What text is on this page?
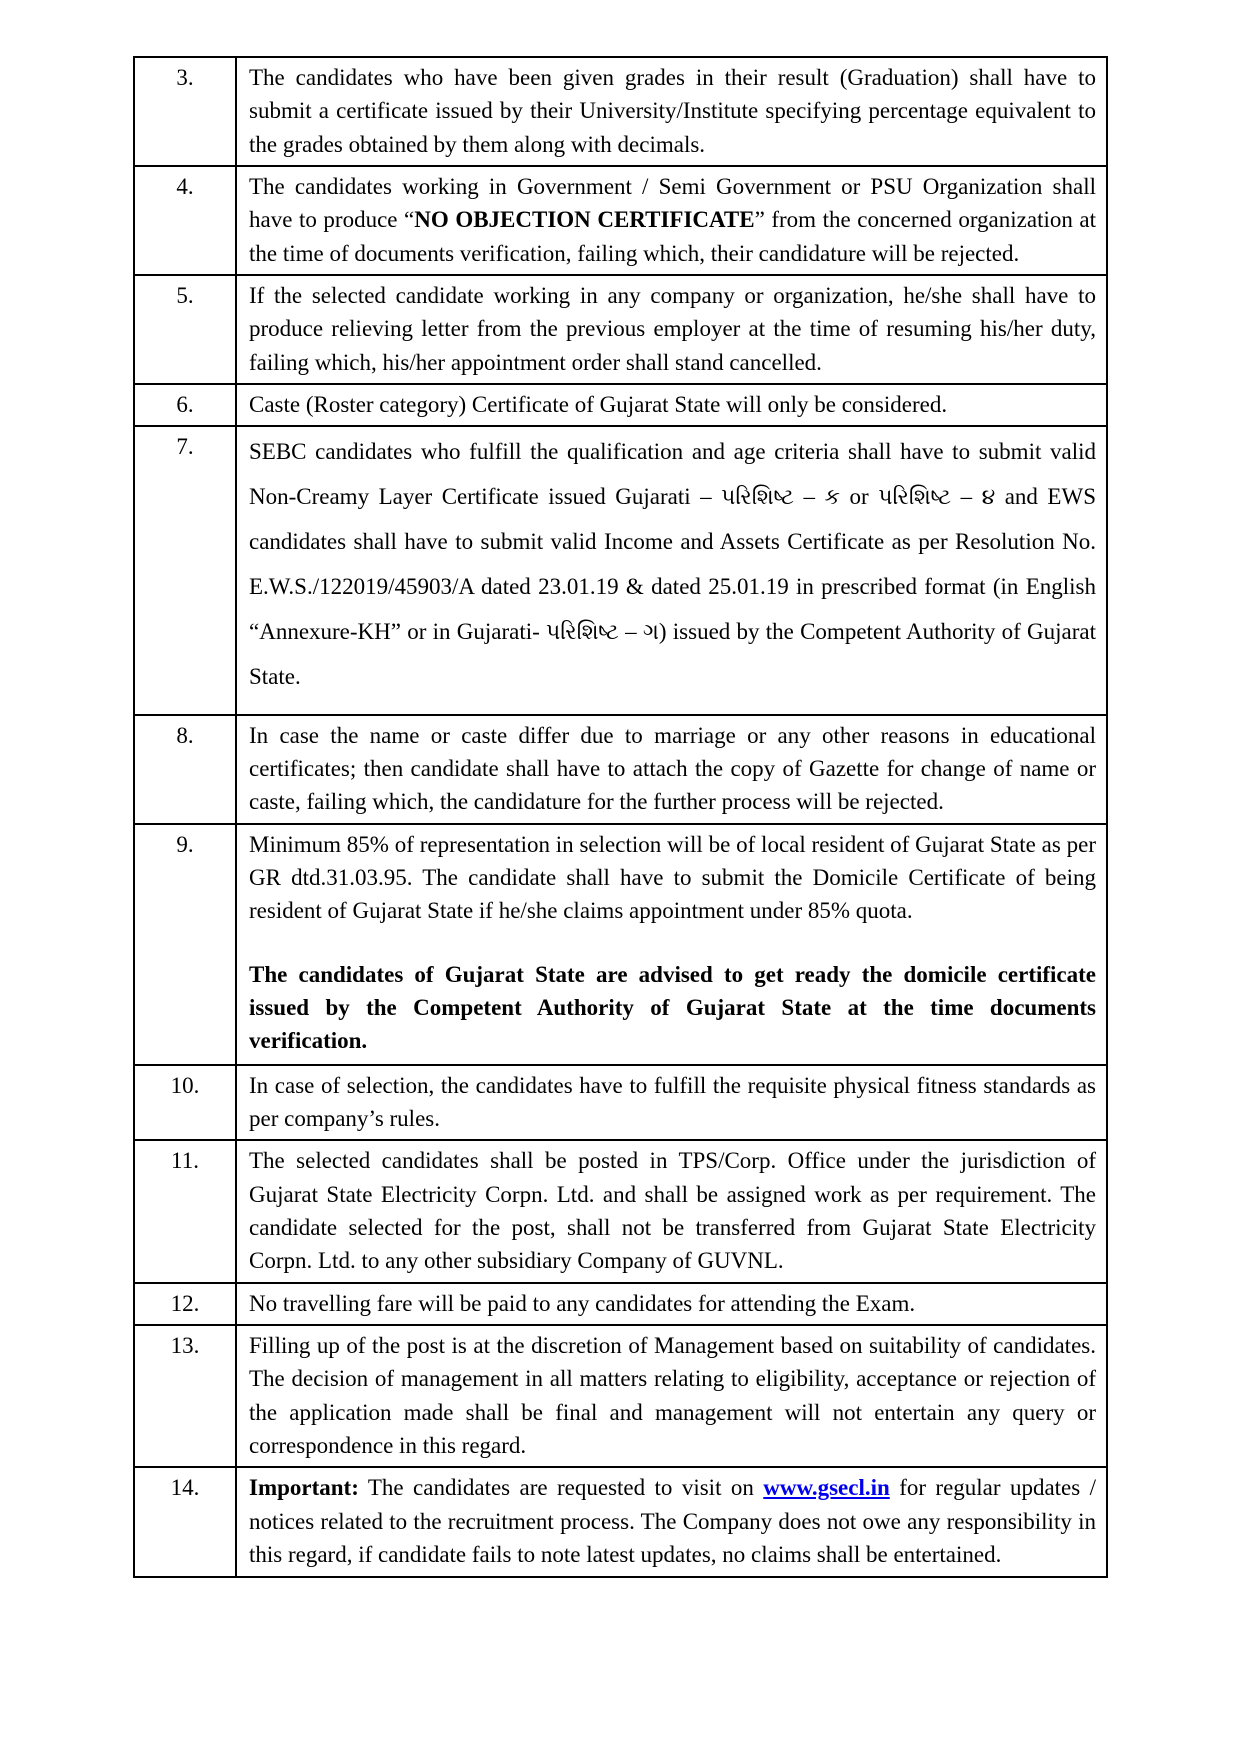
3.	The candidates who have been given grades in their result (Graduation) shall have to submit a certificate issued by their University/Institute specifying percentage equivalent to the grades obtained by them along with decimals.

4.	The candidates working in Government / Semi Government or PSU Organization shall have to produce “NO OBJECTION CERTIFICATE” from the concerned organization at the time of documents verification, failing which, their candidature will be rejected.

5.	If the selected candidate working in any company or organization, he/she shall have to produce relieving letter from the previous employer at the time of resuming his/her duty, failing which, his/her appointment order shall stand cancelled.

6.	Caste (Roster category) Certificate of Gujarat State will only be considered.

7.	SEBC candidates who fulfill the qualification and age criteria shall have to submit valid Non-Creamy Layer Certificate issued Gujarati – પરિશિષ્ટ – ક or પરિશિષ્ટ – ૪ and EWS candidates shall have to submit valid Income and Assets Certificate as per Resolution No. E.W.S./122019/45903/A dated 23.01.19 & dated 25.01.19 in prescribed format (in English “Annexure-KH” or in Gujarati- પરિશિષ્ટ – ગ) issued by the Competent Authority of Gujarat State.

8.	In case the name or caste differ due to marriage or any other reasons in educational certificates; then candidate shall have to attach the copy of Gazette for change of name or caste, failing which, the candidature for the further process will be rejected.

9.	Minimum 85% of representation in selection will be of local resident of Gujarat State as per GR dtd.31.03.95. The candidate shall have to submit the Domicile Certificate of being resident of Gujarat State if he/she claims appointment under 85% quota.

The candidates of Gujarat State are advised to get ready the domicile certificate issued by the Competent Authority of Gujarat State at the time documents verification.

10.	In case of selection, the candidates have to fulfill the requisite physical fitness standards as per company’s rules.

11.	The selected candidates shall be posted in TPS/Corp. Office under the jurisdiction of Gujarat State Electricity Corpn. Ltd. and shall be assigned work as per requirement. The candidate selected for the post, shall not be transferred from Gujarat State Electricity Corpn. Ltd. to any other subsidiary Company of GUVNL.

12.	No travelling fare will be paid to any candidates for attending the Exam.

13.	Filling up of the post is at the discretion of Management based on suitability of candidates. The decision of management in all matters relating to eligibility, acceptance or rejection of the application made shall be final and management will not entertain any query or correspondence in this regard.

14.	Important: The candidates are requested to visit on www.gsecl.in for regular updates / notices related to the recruitment process. The Company does not owe any responsibility in this regard, if candidate fails to note latest updates, no claims shall be entertained.
